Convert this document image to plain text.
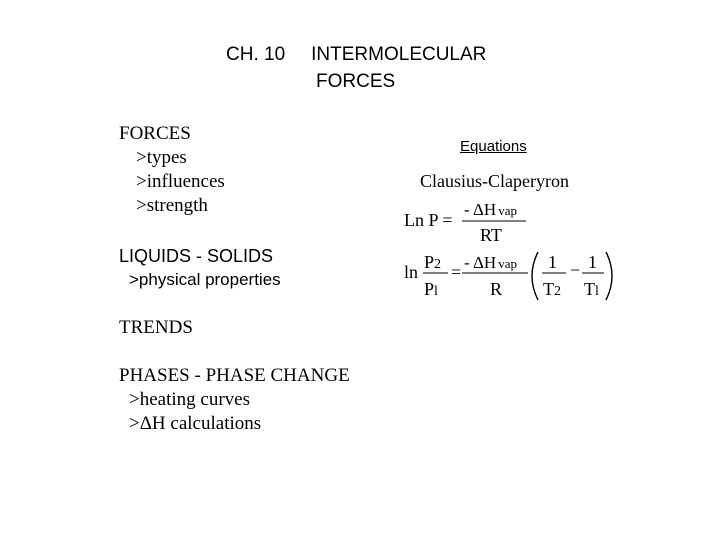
CH. 10 INTERMOLECULAR
FORCES
FORCES
>types
>influences
>strength
LIQUIDS - SOLIDS
>physical properties
TRENDS
PHASES - PHASE CHANGE
>heating curves
>ΔH calculations
Equations
Clausius-Claperyron
Ln P =
- ΔH vap
RT
ln P2
Pl
= - ΔH vap
R
1
T2
− 1
Tl
